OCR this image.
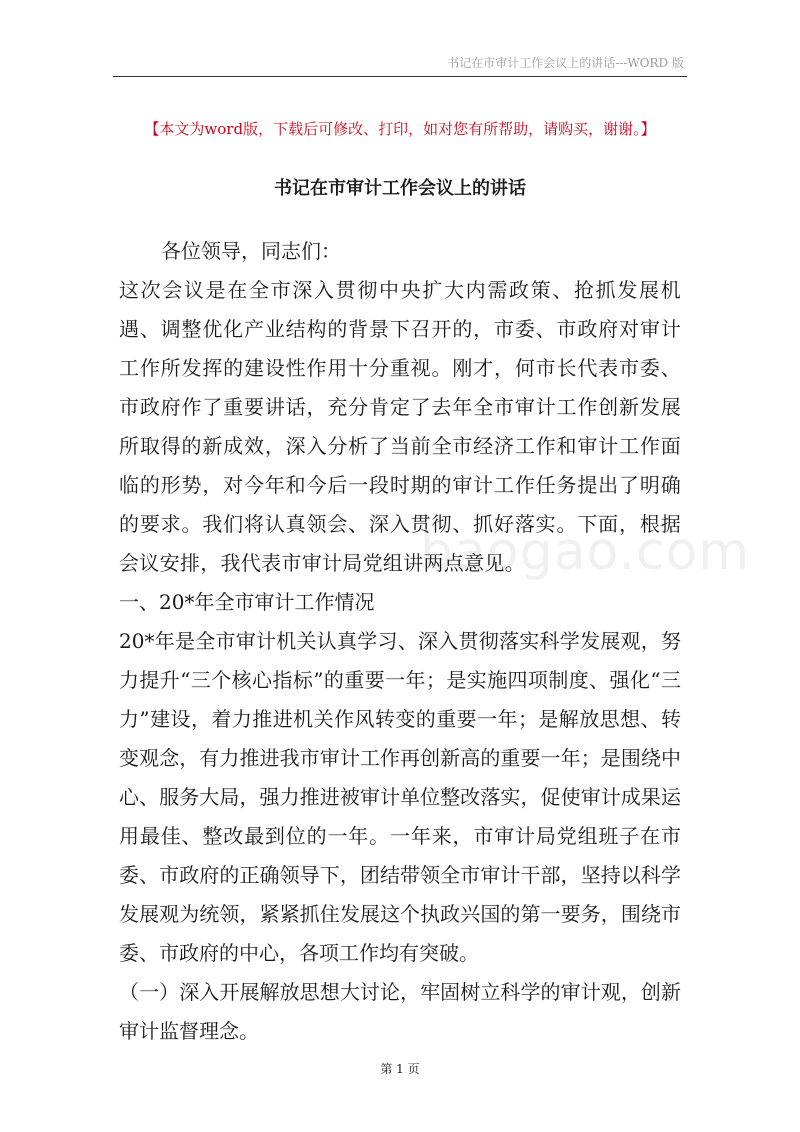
书记在市审计工作会议上的讲话---WORD 版
【本文为word版，下载后可修改、打印，如对您有所帮助，请购买，谢谢。】
书记在市审计工作会议上的讲话

各位领导，同志们：

这次会议是在全市深入贯彻中央扩大内需政策、抢抓发展机遇、调整优化产业结构的背景下召开的，市委、市政府对审计工作所发挥的建设性作用十分重视。刚才，何市长代表市委、市政府作了重要讲话，充分肯定了去年全市审计工作创新发展所取得的新成效，深入分析了当前全市经济工作和审计工作面临的形势，对今年和今后一段时期的审计工作任务提出了明确的要求。我们将认真领会、深入贯彻、抓好落实。下面，根据会议安排，我代表市审计局党组讲两点意见。

一、20*年全市审计工作情况

20*年是全市审计机关认真学习、深入贯彻落实科学发展观，努力提升“三个核心指标”的重要一年；是实施四项制度、强化“三力”建设，着力推进机关作风转变的重要一年；是解放思想、转变观念，有力推进我市审计工作再创新高的重要一年；是围绕中心、服务大局，强力推进被审计单位整改落实，促使审计成果运用最佳、整改最到位的一年。一年来，市审计局党组班子在市委、市政府的正确领导下，团结带领全市审计干部，坚持以科学发展观为统领，紧紧抓住发展这个执政兴国的第一要务，围绕市委、市政府的中心，各项工作均有突破。

（一）深入开展解放思想大讨论，牢固树立科学的审计观，创新审计监督理念。

baogao.com
第 1 页
